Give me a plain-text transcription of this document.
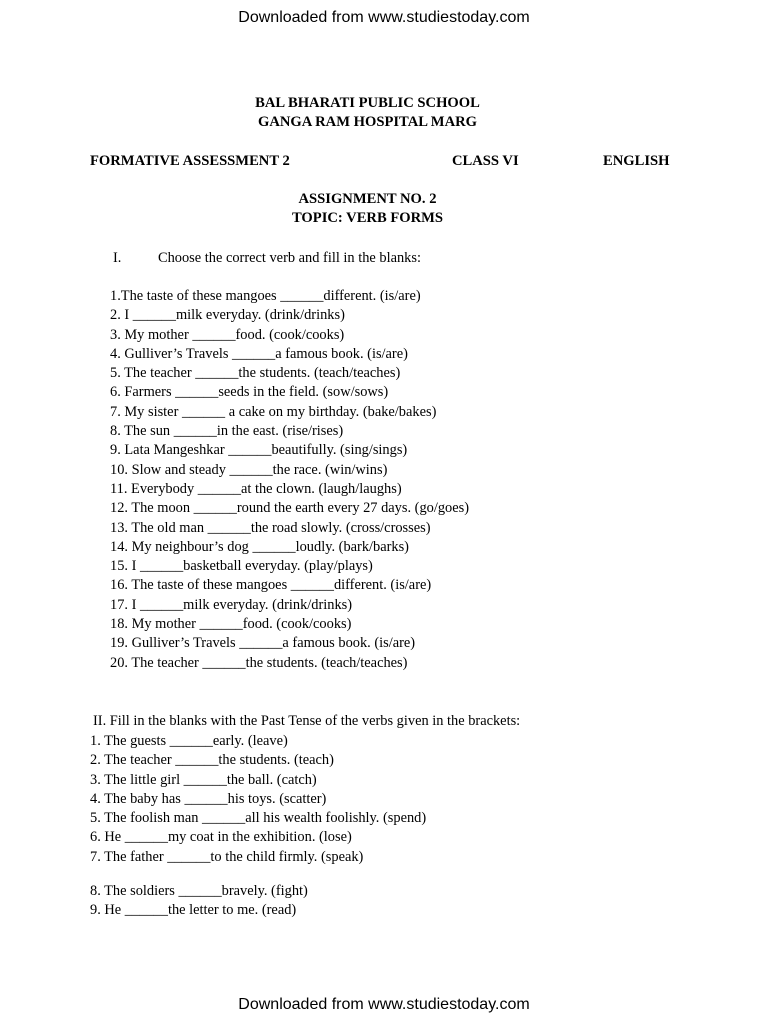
Downloaded from www.studiestoday.com
BAL BHARATI PUBLIC SCHOOL
GANGA RAM HOSPITAL MARG
FORMATIVE ASSESSMENT 2	CLASS VI	ENGLISH
ASSIGNMENT NO. 2
TOPIC: VERB FORMS
I.	Choose the correct verb and fill in the blanks:
1.The taste of these mangoes ______different. (is/are)
2. I ______milk everyday. (drink/drinks)
3. My mother ______food. (cook/cooks)
4. Gulliver’s Travels ______a famous book. (is/are)
5. The teacher ______the students. (teach/teaches)
6. Farmers ______seeds in the field. (sow/sows)
7. My sister ______ a cake on my birthday. (bake/bakes)
8. The sun ______in the east. (rise/rises)
9. Lata Mangeshkar ______beautifully. (sing/sings)
10. Slow and steady ______the race. (win/wins)
11. Everybody ______at the clown. (laugh/laughs)
12. The moon ______round the earth every 27 days. (go/goes)
13. The old man ______the road slowly. (cross/crosses)
14. My neighbour’s dog ______loudly. (bark/barks)
15. I ______basketball everyday. (play/plays)
16. The taste of these mangoes ______different. (is/are)
17. I ______milk everyday. (drink/drinks)
18. My mother ______food. (cook/cooks)
19. Gulliver’s Travels ______a famous book. (is/are)
20. The teacher ______the students. (teach/teaches)
II. Fill in the blanks with the Past Tense of the verbs given in the brackets:
1. The guests ______early. (leave)
2. The teacher ______the students. (teach)
3. The little girl ______the ball. (catch)
4. The baby has ______his toys. (scatter)
5. The foolish man ______all his wealth foolishly. (spend)
6. He ______my coat in the exhibition. (lose)
7. The father ______to the child firmly. (speak)
8. The soldiers ______bravely. (fight)
9. He ______the letter to me. (read)
Downloaded from www.studiestoday.com
